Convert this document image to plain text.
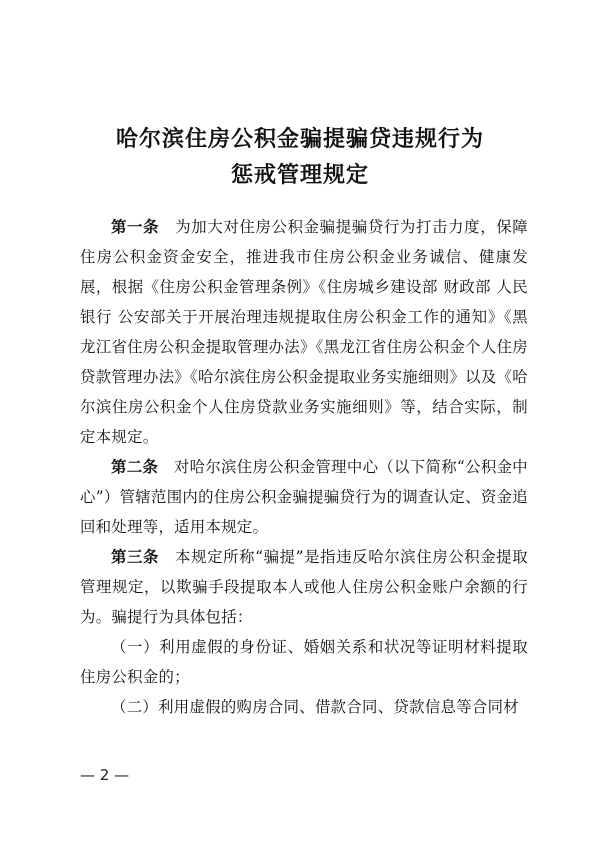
哈尔滨住房公积金骗提骗贷违规行为
惩戒管理规定

第一条  为加大对住房公积金骗提骗贷行为打击力度，保障住房公积金资金安全，推进我市住房公积金业务诚信、健康发展，根据《住房公积金管理条例》《住房城乡建设部 财政部 人民银行 公安部关于开展治理违规提取住房公积金工作的通知》《黑龙江省住房公积金提取管理办法》《黑龙江省住房公积金个人住房贷款管理办法》《哈尔滨住房公积金提取业务实施细则》以及《哈尔滨住房公积金个人住房贷款业务实施细则》等，结合实际，制定本规定。

第二条  对哈尔滨住房公积金管理中心（以下简称“公积金中心”）管辖范围内的住房公积金骗提骗贷行为的调查认定、资金追回和处理等，适用本规定。

第三条  本规定所称“骗提”是指违反哈尔滨住房公积金提取管理规定，以欺骗手段提取本人或他人住房公积金账户余额的行为。骗提行为具体包括：

（一）利用虚假的身份证、婚姻关系和状况等证明材料提取住房公积金的；

（二）利用虚假的购房合同、借款合同、贷款信息等合同材

— 2 —
